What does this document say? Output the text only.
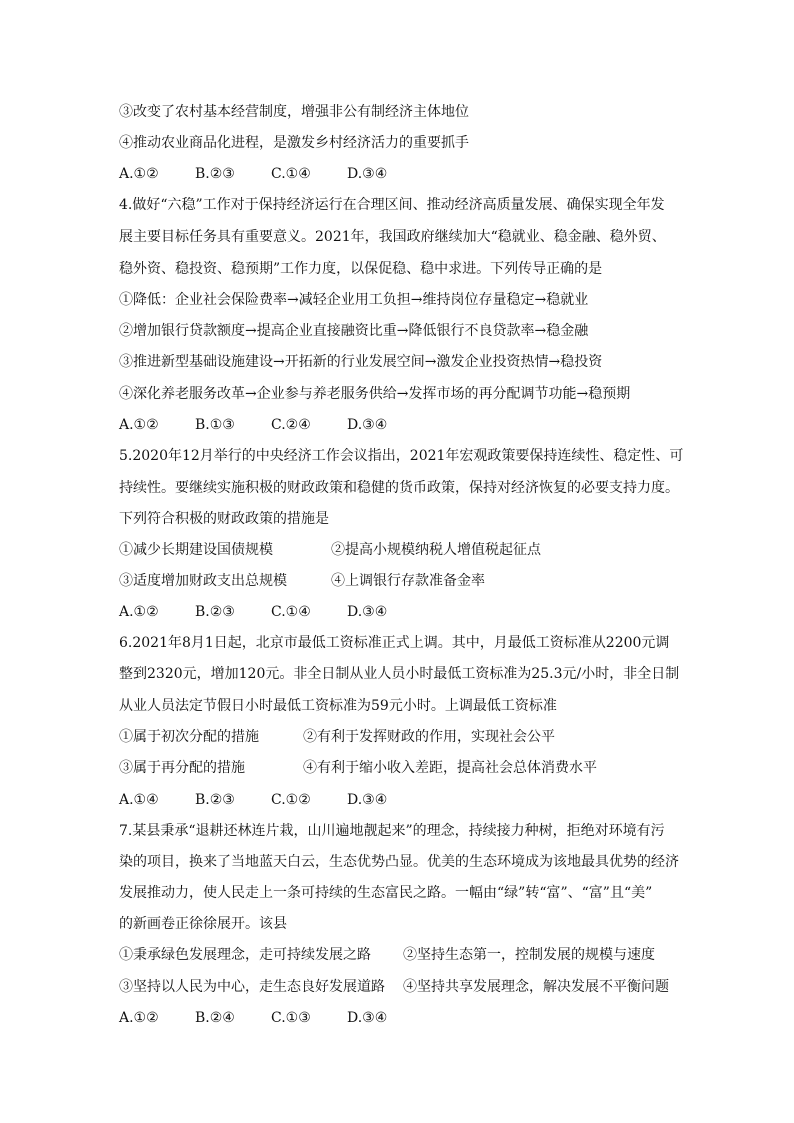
③改变了农村基本经营制度，增强非公有制经济主体地位
④推动农业商品化进程，是激发乡村经济活力的重要抓手
A.①②	B.②③	C.①④	D.③④
4.做好“六稳”工作对于保持经济运行在合理区间、推动经济高质量发展、确保实现全年发
展主要目标任务具有重要意义。2021年，我国政府继续加大“稳就业、稳金融、稳外贸、
稳外资、稳投资、稳预期”工作力度，以保促稳、稳中求进。下列传导正确的是
①降低：企业社会保险费率→减轻企业用工负担→维持岗位存量稳定→稳就业
②增加银行贷款额度→提高企业直接融资比重→降低银行不良贷款率→稳金融
③推进新型基础设施建设→开拓新的行业发展空间→激发企业投资热情→稳投资
④深化养老服务改革→企业参与养老服务供给→发挥市场的再分配调节功能→稳预期
A.①②	B.①③	C.②④	D.③④
5.2020年12月举行的中央经济工作会议指出，2021年宏观政策要保持连续性、稳定性、可
持续性。要继续实施积极的财政政策和稳健的货币政策，保持对经济恢复的必要支持力度。
下列符合积极的财政政策的措施是
①减少长期建设国债规模	②提高小规模纳税人增值税起征点
③适度增加财政支出总规模	④上调银行存款准备金率
A.①②	B.②③	C.①④	D.③④
6.2021年8月1日起，北京市最低工资标准正式上调。其中，月最低工资标准从2200元调
整到2320元，增加120元。非全日制从业人员小时最低工资标准为25.3元/小时，非全日制
从业人员法定节假日小时最低工资标准为59元小时。上调最低工资标准
①属于初次分配的措施	②有利于发挥财政的作用，实现社会公平
③属于再分配的措施	④有利于缩小收入差距，提高社会总体消费水平
A.①④	B.②③	C.①②	D.③④
7.某县秉承“退耕还林连片栽，山川遍地靓起来”的理念，持续接力种树，拒绝对环境有污
染的项目，换来了当地蓝天白云，生态优势凸显。优美的生态环境成为该地最具优势的经济
发展推动力，使人民走上一条可持续的生态富民之路。一幅由“绿”转“富”、“富”且“美”
的新画卷正徐徐展开。该县
①秉承绿色发展理念，走可持续发展之路 ②坚持生态第一，控制发展的规模与速度
③坚持以人民为中心，走生态良好发展道路 ④坚持共享发展理念，解决发展不平衡问题
A.①②	B.②④	C.①③	D.③④
